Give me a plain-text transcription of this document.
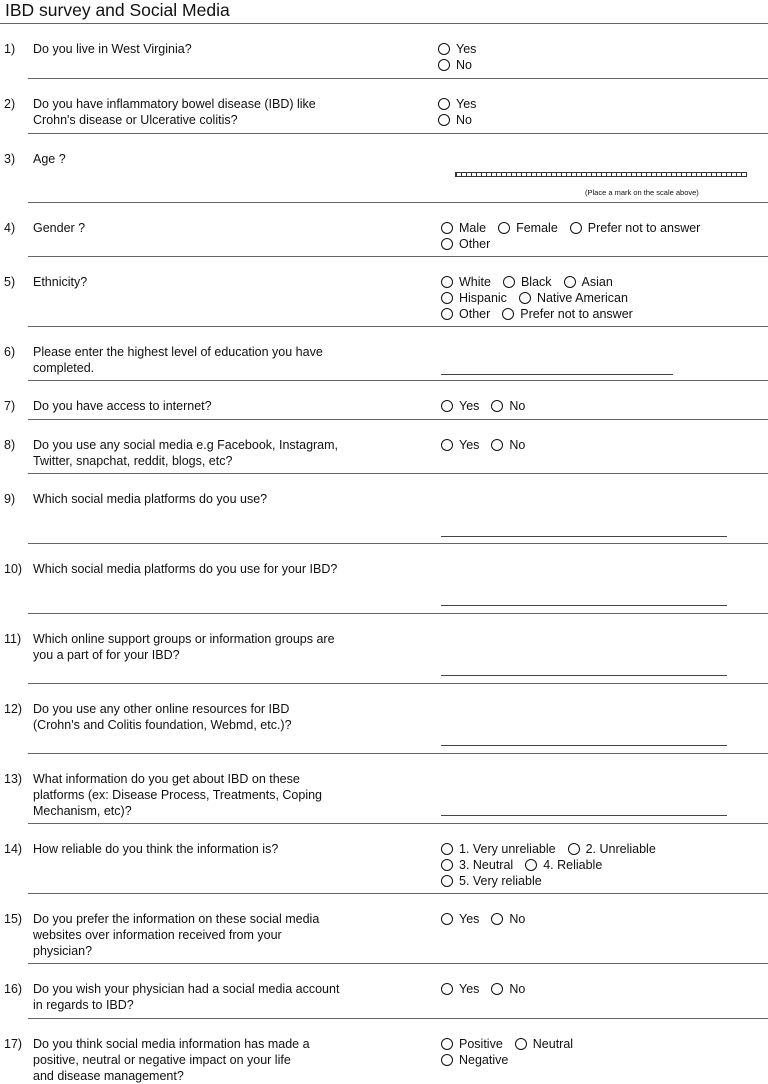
IBD survey and Social Media
1) Do you live in West Virginia?	Yes
No
2) Do you have inflammatory bowel disease (IBD) like
Crohn's disease or Ulcerative colitis?
Yes
No
3) Age ?
(Place a mark on the scale above)
4) Gender ?	Male Female Prefer not to answer
Other
5) Ethnicity?	White Black Asian
Hispanic Native American
Other Prefer not to answer
6) Please enter the highest level of education you have
completed.
7) Do you have access to internet?	Yes No
8) Do you use any social media e.g Facebook, Instagram,
Twitter, snapchat, reddit, blogs, etc?
Yes No
9) Which social media platforms do you use?
10) Which social media platforms do you use for your IBD?
11) Which online support groups or information groups are
you a part of for your IBD?
12) Do you use any other online resources for IBD
(Crohn's and Colitis foundation, Webmd, etc.)?
13) What information do you get about IBD on these
platforms (ex: Disease Process, Treatments, Coping
Mechanism, etc)?
14) How reliable do you think the information is?	1. Very unreliable 2. Unreliable
3. Neutral 4. Reliable
5. Very reliable
15) Do you prefer the information on these social media
websites over information received from your
physician?
Yes No
16) Do you wish your physician had a social media account
in regards to IBD?
Yes No
17) Do you think social media information has made a
positive, neutral or negative impact on your life
and disease management?
Positive Neutral
Negative
